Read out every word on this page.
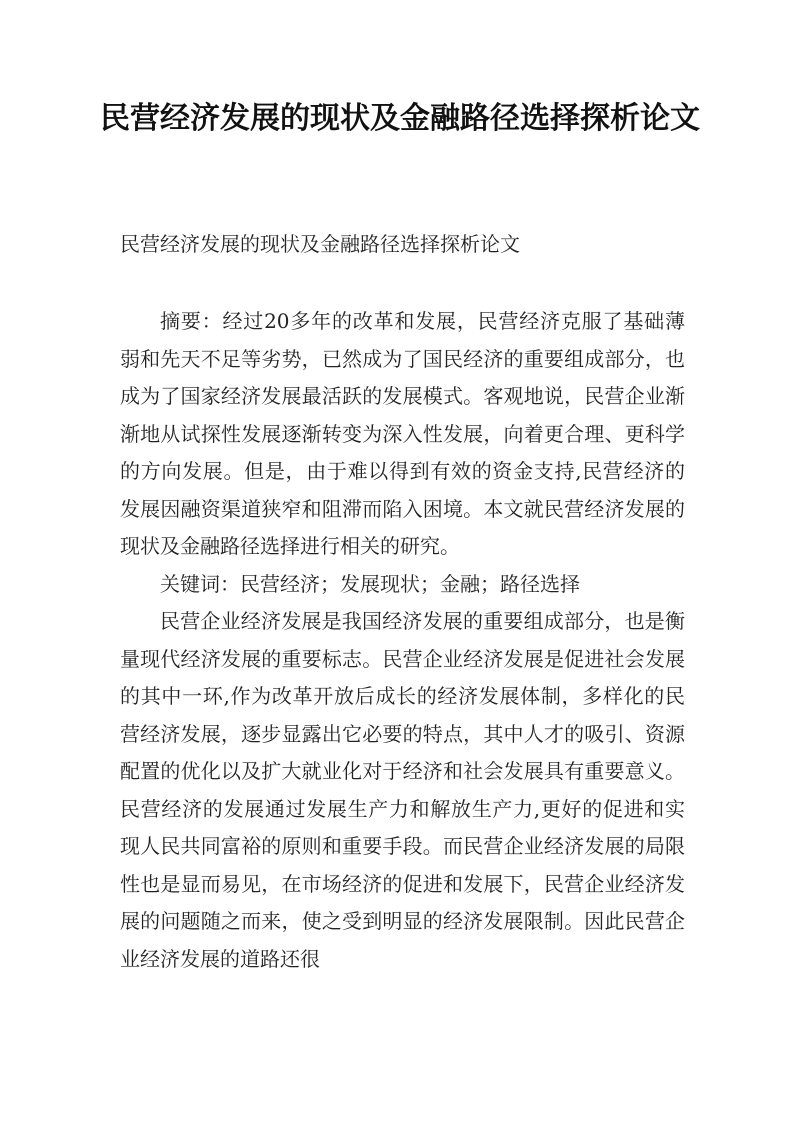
民营经济发展的现状及金融路径选择探析论文

民营经济发展的现状及金融路径选择探析论文

摘要：经过20多年的改革和发展，民营经济克服了基础薄弱和先天不足等劣势，已然成为了国民经济的重要组成部分，也成为了国家经济发展最活跃的发展模式。客观地说，民营企业渐渐地从试探性发展逐渐转变为深入性发展，向着更合理、更科学的方向发展。但是，由于难以得到有效的资金支持,民营经济的发展因融资渠道狭窄和阻滞而陷入困境。本文就民营经济发展的现状及金融路径选择进行相关的研究。

关键词：民营经济；发展现状；金融；路径选择

民营企业经济发展是我国经济发展的重要组成部分，也是衡量现代经济发展的重要标志。民营企业经济发展是促进社会发展的其中一环,作为改革开放后成长的经济发展体制，多样化的民营经济发展，逐步显露出它必要的特点，其中人才的吸引、资源配置的优化以及扩大就业化对于经济和社会发展具有重要意义。民营经济的发展通过发展生产力和解放生产力,更好的促进和实现人民共同富裕的原则和重要手段。而民营企业经济发展的局限性也是显而易见，在市场经济的促进和发展下，民营企业经济发展的问题随之而来，使之受到明显的经济发展限制。因此民营企业经济发展的道路还很
